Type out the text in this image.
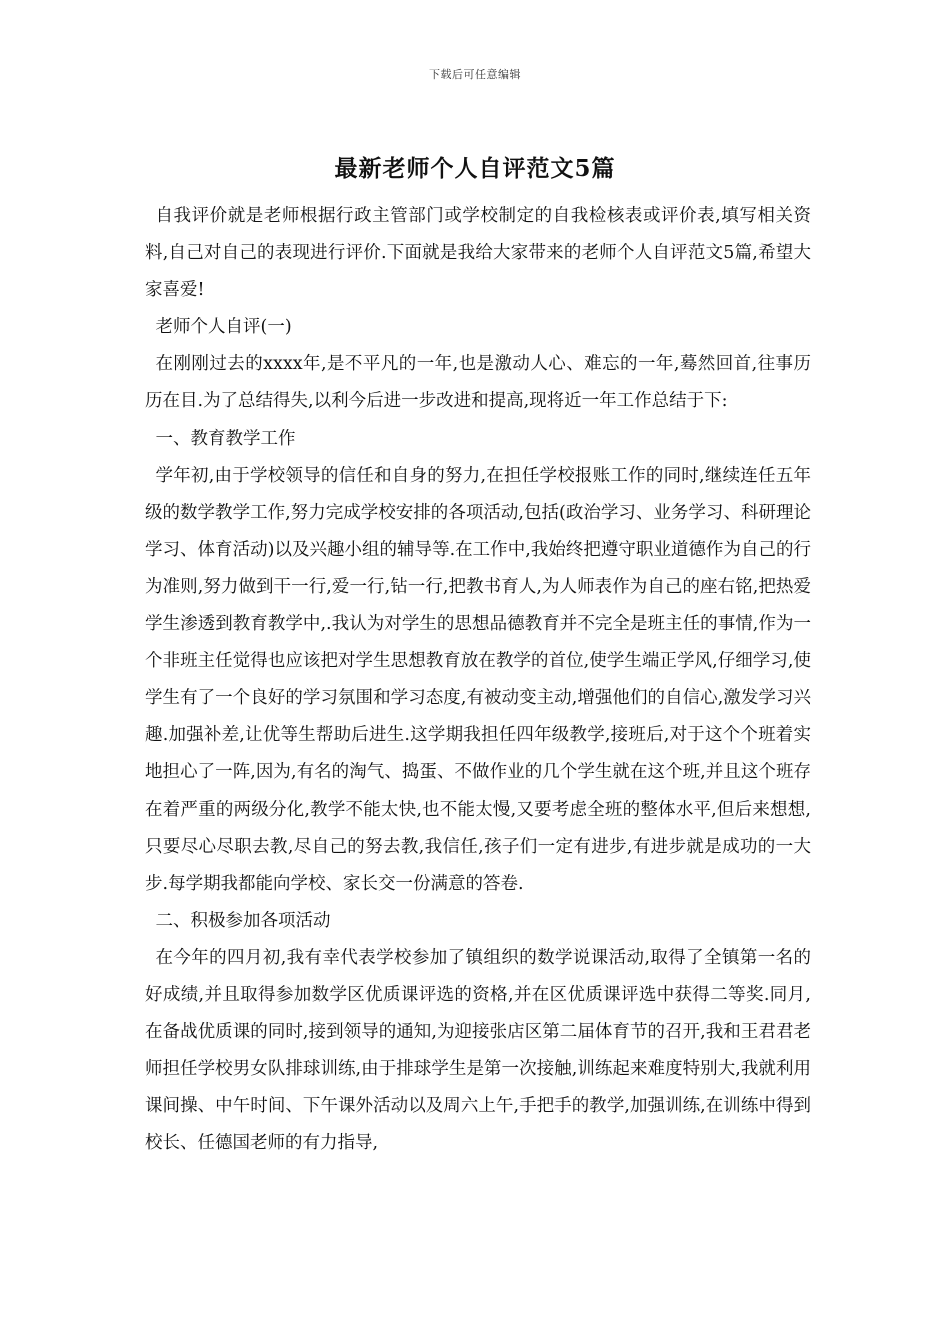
下载后可任意编辑
最新老师个人自评范文5篇

自我评价就是老师根据行政主管部门或学校制定的自我检核表或评价表,填写相关资料,自己对自己的表现进行评价.下面就是我给大家带来的老师个人自评范文5篇,希望大家喜爱!

老师个人自评(一)

在刚刚过去的xxxx年,是不平凡的一年,也是激动人心、难忘的一年,蓦然回首,往事历历在目.为了总结得失,以利今后进一步改进和提高,现将近一年工作总结于下:

一、教育教学工作

学年初,由于学校领导的信任和自身的努力,在担任学校报账工作的同时,继续连任五年级的数学教学工作,努力完成学校安排的各项活动,包括(政治学习、业务学习、科研理论学习、体育活动)以及兴趣小组的辅导等.在工作中,我始终把遵守职业道德作为自己的行为准则,努力做到干一行,爱一行,钻一行,把教书育人,为人师表作为自己的座右铭,把热爱学生渗透到教育教学中,.我认为对学生的思想品德教育并不完全是班主任的事情,作为一个非班主任觉得也应该把对学生思想教育放在教学的首位,使学生端正学风,仔细学习,使学生有了一个良好的学习氛围和学习态度,有被动变主动,增强他们的自信心,激发学习兴趣.加强补差,让优等生帮助后进生.这学期我担任四年级教学,接班后,对于这个个班着实地担心了一阵,因为,有名的淘气、捣蛋、不做作业的几个学生就在这个班,并且这个班存在着严重的两级分化,教学不能太快,也不能太慢,又要考虑全班的整体水平,但后来想想,只要尽心尽职去教,尽自己的努去教,我信任,孩子们一定有进步,有进步就是成功的一大步.每学期我都能向学校、家长交一份满意的答卷.

二、积极参加各项活动

在今年的四月初,我有幸代表学校参加了镇组织的数学说课活动,取得了全镇第一名的好成绩,并且取得参加数学区优质课评选的资格,并在区优质课评选中获得二等奖.同月,在备战优质课的同时,接到领导的通知,为迎接张店区第二届体育节的召开,我和王君君老师担任学校男女队排球训练,由于排球学生是第一次接触,训练起来难度特别大,我就利用课间操、中午时间、下午课外活动以及周六上午,手把手的教学,加强训练,在训练中得到校长、任德国老师的有力指导,
